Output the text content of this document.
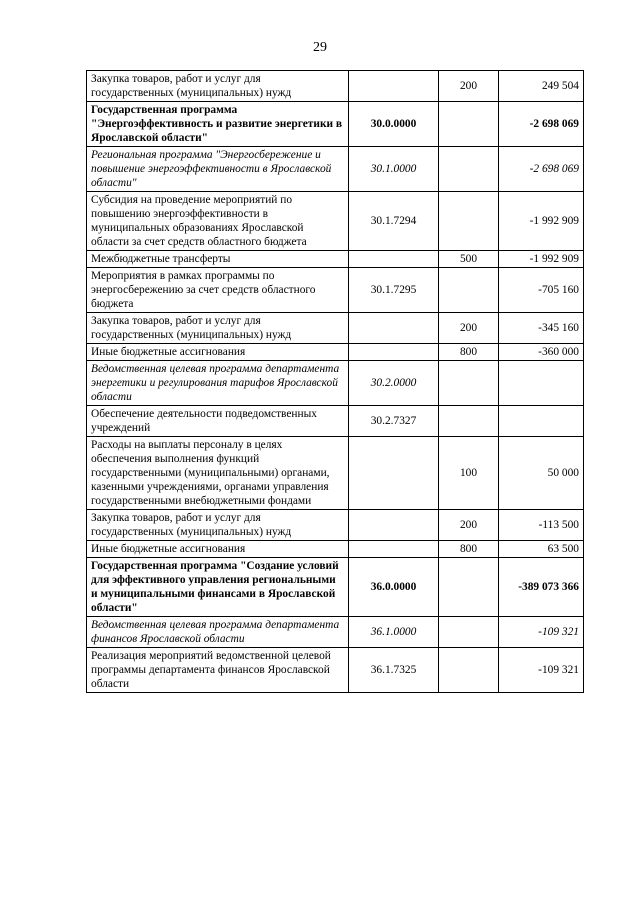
29
Закупка товаров, работ и услуг для государственных (муниципальных) нужд		200	249 504
Государственная программа "Энергоэффективность и развитие энергетики в Ярославской области"	30.0.0000		-2 698 069
Региональная программа "Энергосбережение и повышение энергоэффективности в Ярославской области"	30.1.0000		-2 698 069
Субсидия на проведение мероприятий по повышению энергоэффективности в муниципальных образованиях Ярославской области за счет средств областного бюджета	30.1.7294		-1 992 909
Межбюджетные трансферты		500	-1 992 909
Мероприятия в рамках программы по энергосбережению за счет средств областного бюджета	30.1.7295		-705 160
Закупка товаров, работ и услуг для государственных (муниципальных) нужд		200	-345 160
Иные бюджетные ассигнования		800	-360 000
Ведомственная целевая программа департамента энергетики и регулирования тарифов Ярославской области	30.2.0000		
Обеспечение деятельности подведомственных учреждений	30.2.7327		
Расходы на выплаты персоналу в целях обеспечения выполнения функций государственными (муниципальными) органами, казенными учреждениями, органами управления государственными внебюджетными фондами		100	50 000
Закупка товаров, работ и услуг для государственных (муниципальных) нужд		200	-113 500
Иные бюджетные ассигнования		800	63 500
Государственная программа "Создание условий для эффективного управления региональными и муниципальными финансами в Ярославской области"	36.0.0000		-389 073 366
Ведомственная целевая программа департамента финансов Ярославской области	36.1.0000		-109 321
Реализация мероприятий ведомственной целевой программы департамента финансов Ярославской области	36.1.7325		-109 321
